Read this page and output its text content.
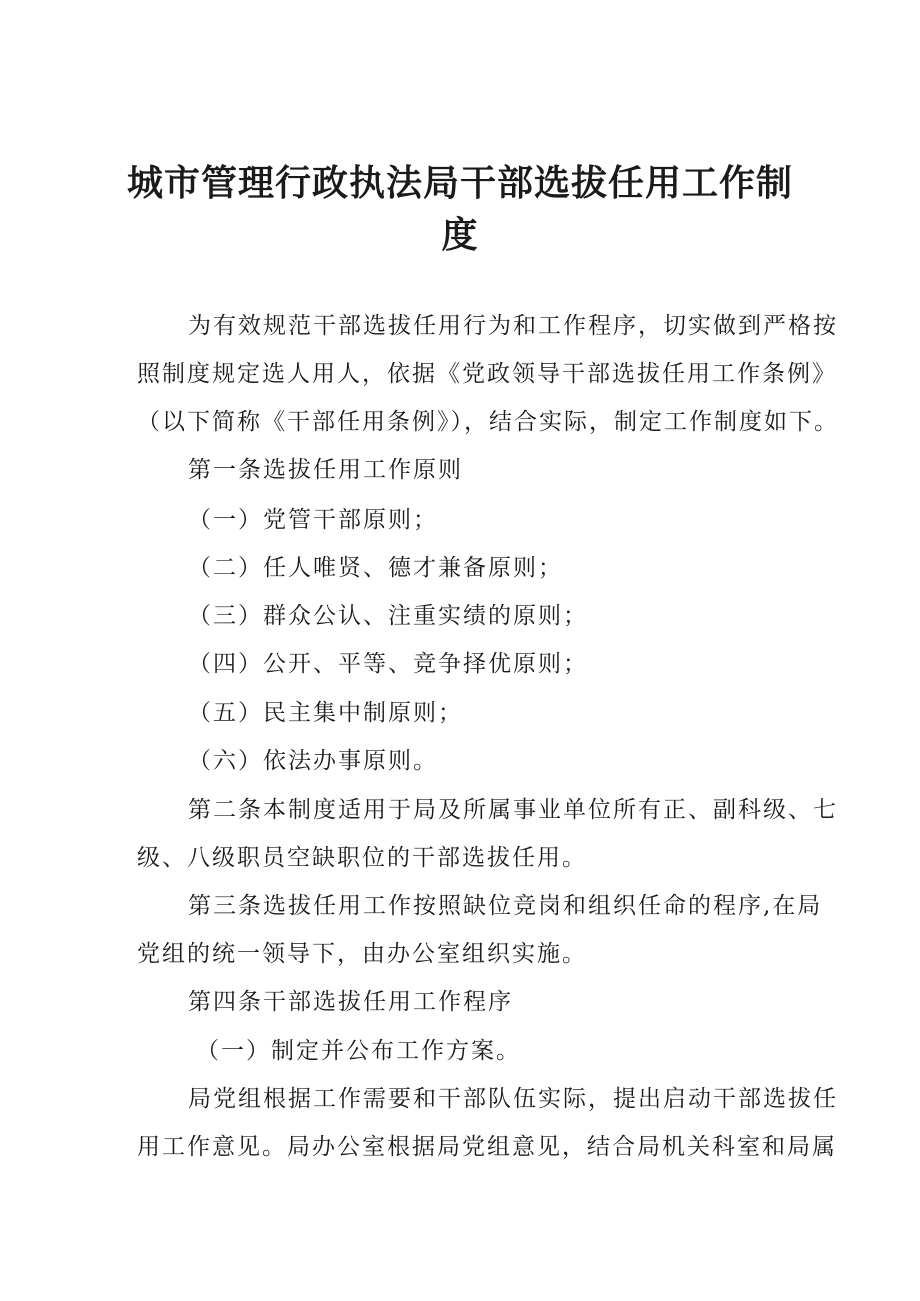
城市管理行政执法局干部选拔任用工作制度

为有效规范干部选拔任用行为和工作程序，切实做到严格按

照制度规定选人用人，依据《党政领导干部选拔任用工作条例》

（以下简称《干部任用条例》），结合实际，制定工作制度如下。

第一条选拔任用工作原则

（一）党管干部原则；

（二）任人唯贤、德才兼备原则；

（三）群众公认、注重实绩的原则；

（四）公开、平等、竞争择优原则；

（五）民主集中制原则；

（六）依法办事原则。

第二条本制度适用于局及所属事业单位所有正、副科级、七

级、八级职员空缺职位的干部选拔任用。

第三条选拔任用工作按照缺位竞岗和组织任命的程序,在局

党组的统一领导下，由办公室组织实施。

第四条干部选拔任用工作程序

（一）制定并公布工作方案。

局党组根据工作需要和干部队伍实际，提出启动干部选拔任

用工作意见。局办公室根据局党组意见，结合局机关科室和局属
